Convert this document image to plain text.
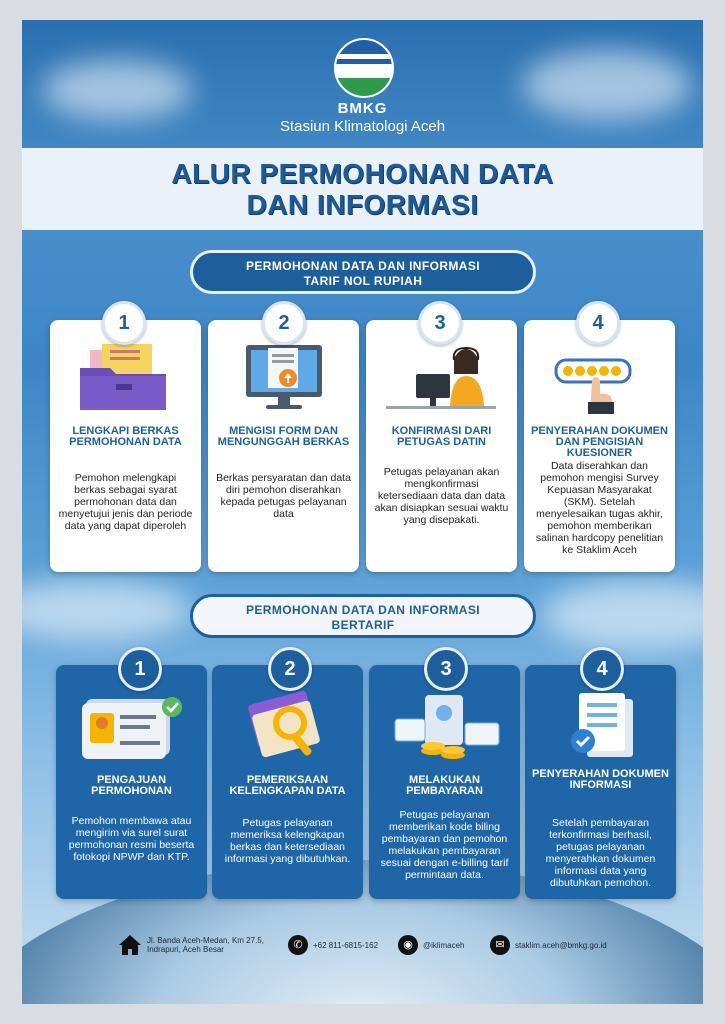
BMKG
Stasiun Klimatologi Aceh
ALUR PERMOHONAN DATA
DAN INFORMASI
PERMOHONAN DATA DAN INFORMASI
TARIF NOL RUPIAH
LENGKAPI BERKAS PERMOHONAN DATA
Pemohon melengkapi berkas sebagai syarat permohonan data dan menyetujui jenis dan periode data yang dapat diperoleh
1
MENGISI FORM DAN MENGUNGGAH BERKAS
Berkas persyaratan dan data diri pemohon diserahkan kepada petugas pelayanan data
2
KONFIRMASI DARI PETUGAS DATIN
Petugas pelayanan akan mengkonfirmasi ketersediaan data dan data akan disiapkan sesuai waktu yang disepakati.
3
PENYERAHAN DOKUMEN DAN PENGISIAN KUESIONER
Data diserahkan dan pemohon mengisi Survey Kepuasan Masyarakat (SKM). Setelah menyelesaikan tugas akhir, pemohon memberikan salinan hardcopy penelitian ke Staklim Aceh
4
PERMOHONAN DATA DAN INFORMASI
BERTARIF
PENGAJUAN PERMOHONAN
Pemohon membawa atau mengirim via surel surat permohonan resmi beserta fotokopi NPWP dan KTP.
1
PEMERIKSAAN KELENGKAPAN DATA
Petugas pelayanan memeriksa kelengkapan berkas dan ketersediaan informasi yang dibutuhkan.
2
MELAKUKAN PEMBAYARAN
Petugas pelayanan memberikan kode biling pembayaran dan pemohon melakukan pembayaran sesuai dengan e-billing tarif permintaan data.
3
PENYERAHAN DOKUMEN INFORMASI
Setelah pembayaran terkonfirmasi berhasil, petugas pelayanan menyerahkan dokumen informasi data yang dibutuhkan pemohon.
4
Jl. Banda Aceh-Medan, Km 27.5,
Indrapuri, Aceh Besar	✆	+62 811-6815-162	◉	@iklimaceh	✉	staklim.aceh@bmkg.go.id
